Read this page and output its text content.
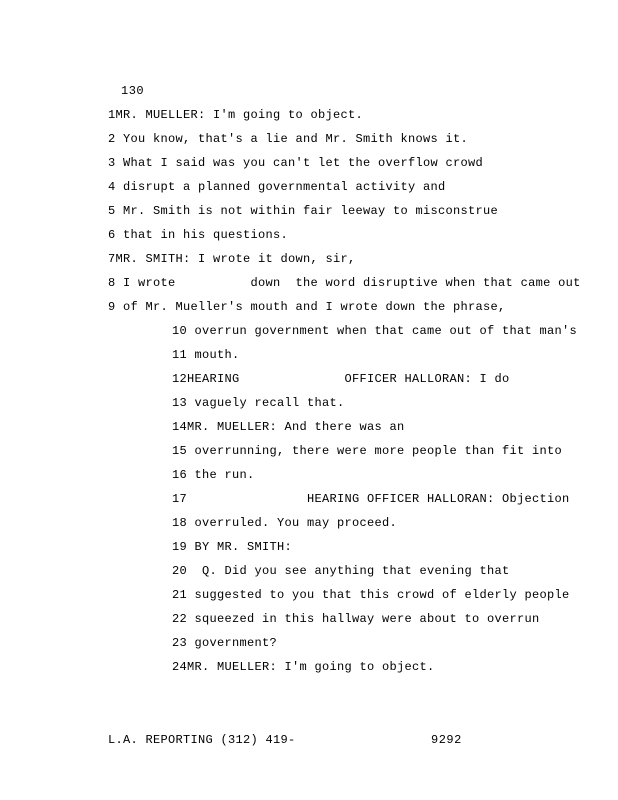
130
1MR. MUELLER: I'm going to object.
2 You know, that's a lie and Mr. Smith knows it.
3 What I said was you can't let the overflow crowd
4 disrupt a planned governmental activity and
5 Mr. Smith is not within fair leeway to misconstrue
6 that in his questions.
7MR. SMITH: I wrote it down, sir,
8 I wrote          down  the word disruptive when that came out
9 of Mr. Mueller's mouth and I wrote down the phrase,
10 overrun government when that came out of that man's
11 mouth.
12HEARING              OFFICER HALLORAN: I do
13 vaguely recall that.
14MR. MUELLER: And there was an
15 overrunning, there were more people than fit into
16 the run.
17                HEARING OFFICER HALLORAN: Objection
18 overruled. You may proceed.
19 BY MR. SMITH:
20  Q. Did you see anything that evening that
21 suggested to you that this crowd of elderly people
22 squeezed in this hallway were about to overrun
23 government?
24MR. MUELLER: I'm going to object.
L.A. REPORTING (312) 419-	9292
